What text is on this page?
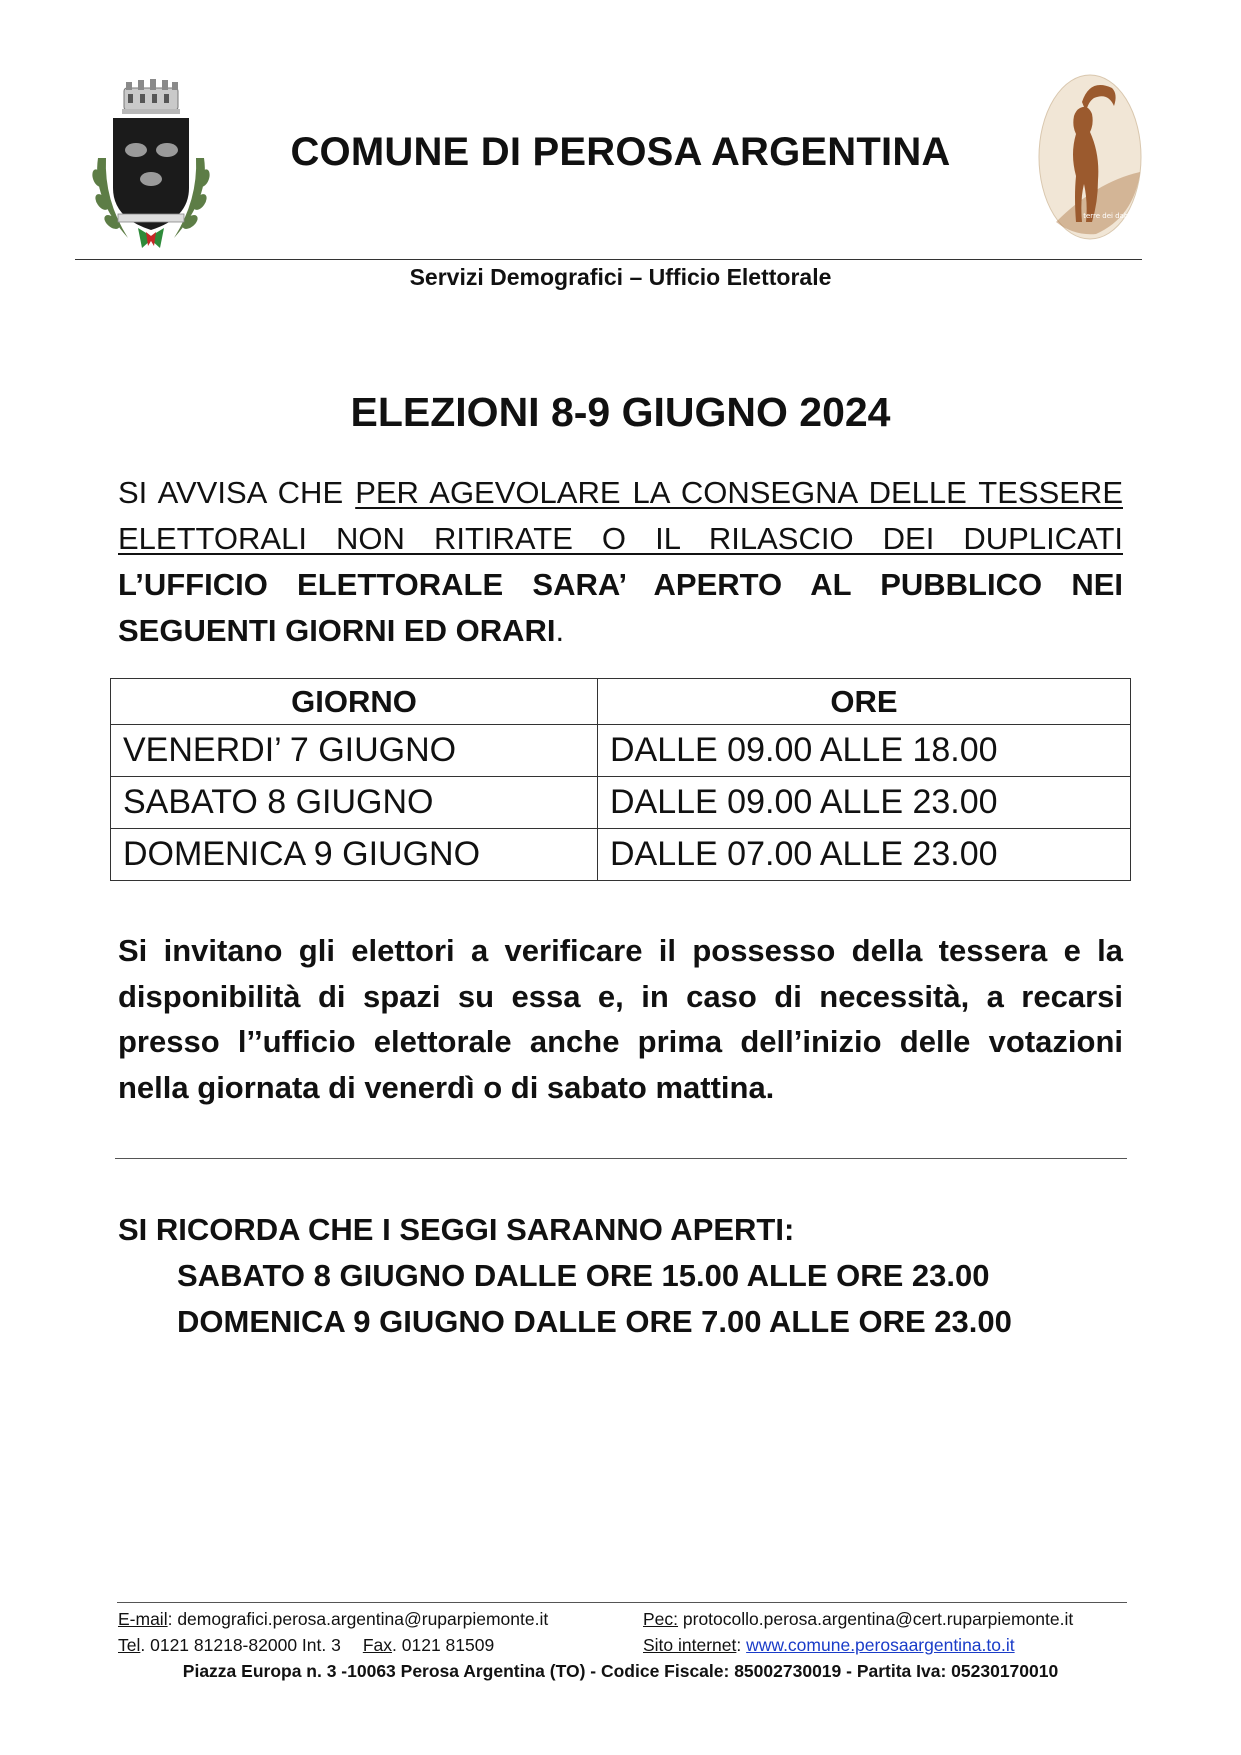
COMUNE DI PEROSA ARGENTINA
terre dei dahu
Servizi Demografici – Ufficio Elettorale
ELEZIONI 8-9 GIUGNO 2024
SI AVVISA CHE PER AGEVOLARE LA CONSEGNA DELLE TESSERE ELETTORALI NON RITIRATE O IL RILASCIO DEI DUPLICATI L’UFFICIO ELETTORALE SARA’ APERTO AL PUBBLICO NEI SEGUENTI GIORNI ED ORARI.
GIORNO	ORE
VENERDI’ 7 GIUGNO	DALLE 09.00 ALLE 18.00
SABATO 8 GIUGNO	DALLE 09.00 ALLE 23.00
DOMENICA 9 GIUGNO	DALLE 07.00 ALLE 23.00
Si invitano gli elettori a verificare il possesso della tessera e la disponibilità di spazi su essa e, in caso di necessità, a recarsi presso l’’ufficio elettorale anche prima dell’inizio delle votazioni nella giornata di venerdì o di sabato mattina.
SI RICORDA CHE I SEGGI SARANNO APERTI:
SABATO 8 GIUGNO DALLE ORE 15.00 ALLE ORE 23.00
DOMENICA 9 GIUGNO DALLE ORE 7.00 ALLE ORE 23.00
E-mail: demografici.perosa.argentina@ruparpiemonte.it
Tel. 0121 81218-82000 Int. 3 Fax. 0121 81509
Pec: protocollo.perosa.argentina@cert.ruparpiemonte.it
Sito internet: www.comune.perosaargentina.to.it
Piazza Europa n. 3 -10063 Perosa Argentina (TO) - Codice Fiscale: 85002730019 - Partita Iva: 05230170010
